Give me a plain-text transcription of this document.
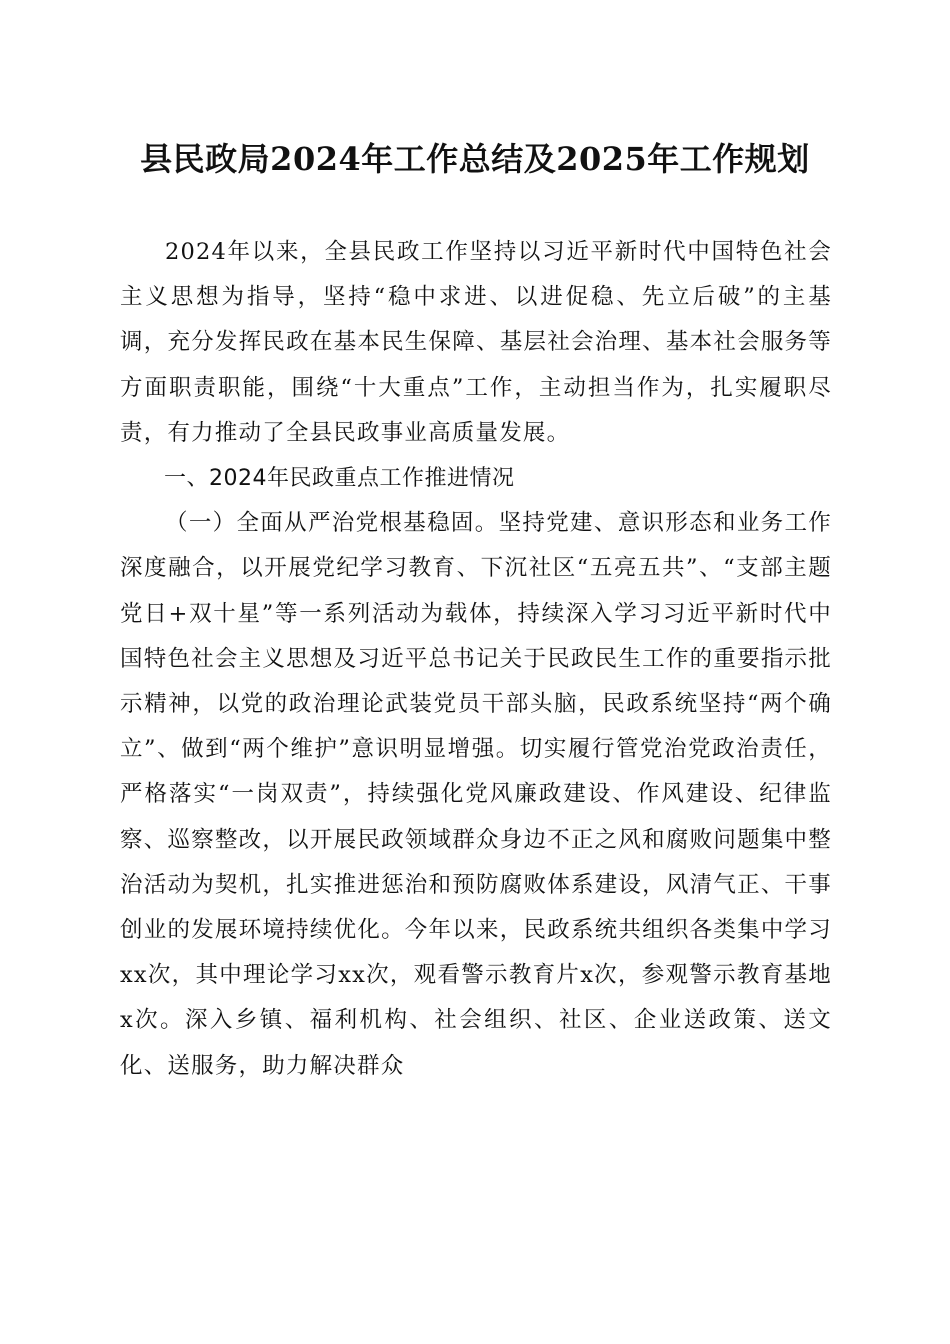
县民政局2024年工作总结及2025年工作规划

2024年以来，全县民政工作坚持以习近平新时代中国特色社会主义思想为指导，坚持“稳中求进、以进促稳、先立后破”的主基调，充分发挥民政在基本民生保障、基层社会治理、基本社会服务等方面职责职能，围绕“十大重点”工作，主动担当作为，扎实履职尽责，有力推动了全县民政事业高质量发展。

一、2024年民政重点工作推进情况

（一）全面从严治党根基稳固。坚持党建、意识形态和业务工作深度融合，以开展党纪学习教育、下沉社区“五亮五共”、“支部主题党日+双十星”等一系列活动为载体，持续深入学习习近平新时代中国特色社会主义思想及习近平总书记关于民政民生工作的重要指示批示精神，以党的政治理论武装党员干部头脑，民政系统坚持“两个确立”、做到“两个维护”意识明显增强。切实履行管党治党政治责任，严格落实“一岗双责”，持续强化党风廉政建设、作风建设、纪律监察、巡察整改，以开展民政领域群众身边不正之风和腐败问题集中整治活动为契机，扎实推进惩治和预防腐败体系建设，风清气正、干事创业的发展环境持续优化。今年以来，民政系统共组织各类集中学习xx次，其中理论学习xx次，观看警示教育片x次，参观警示教育基地x次。深入乡镇、福利机构、社会组织、社区、企业送政策、送文化、送服务，助力解决群众
